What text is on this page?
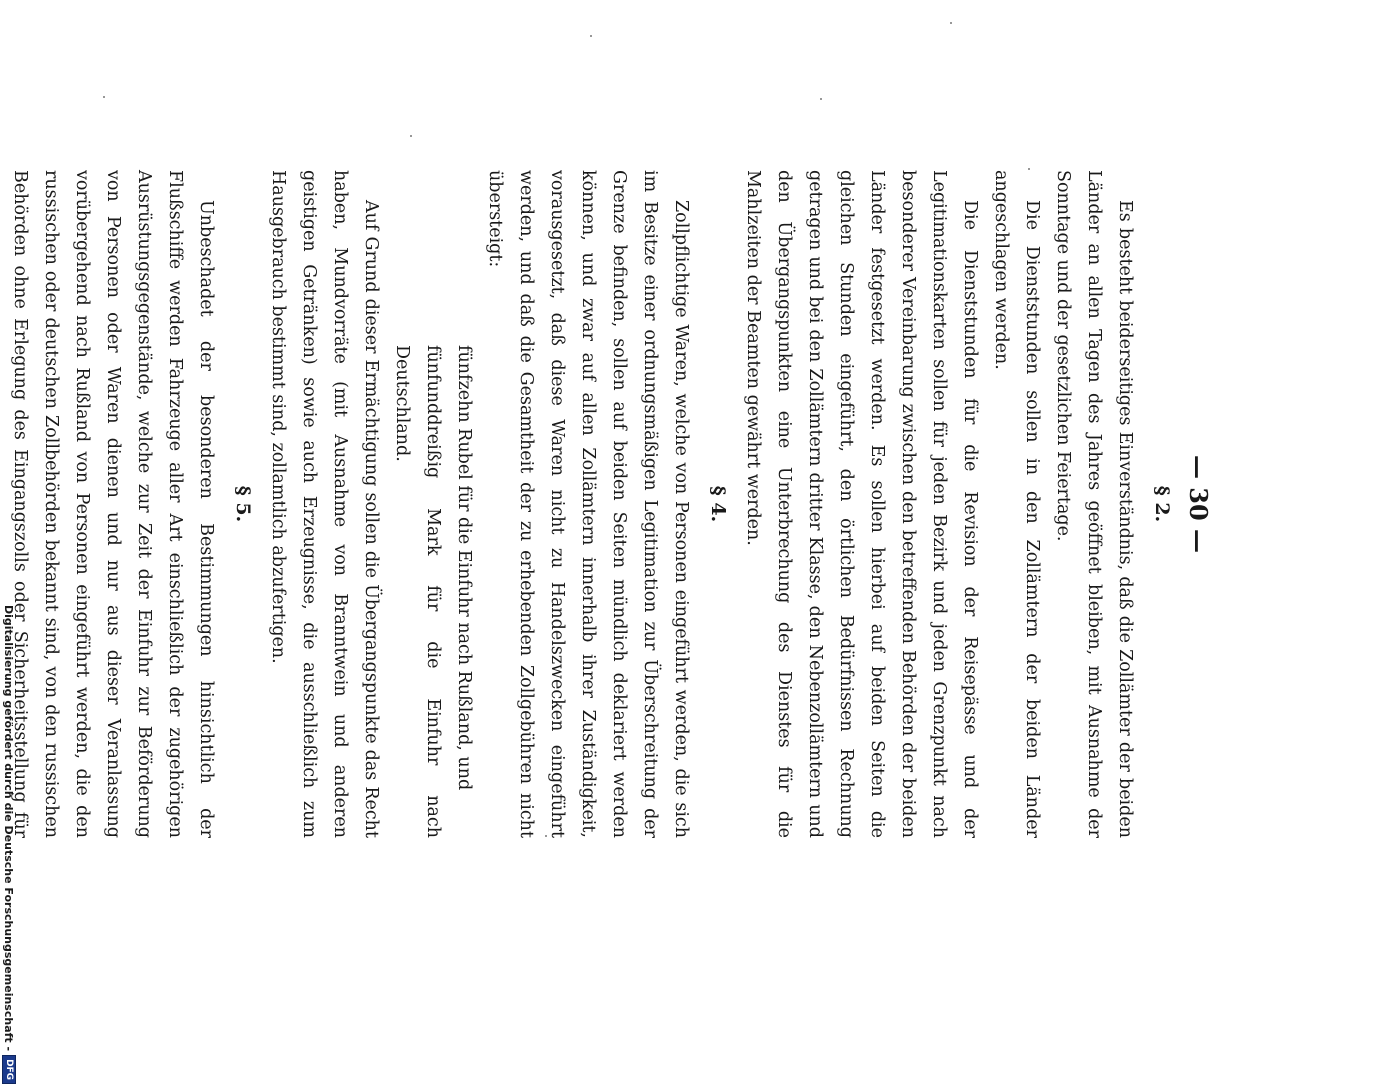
— 30 —
§ 2.

Es besteht beiderseitiges Einverständnis, daß die Zollämter der beiden Länder an allen Tagen des Jahres geöffnet bleiben, mit Ausnahme der Sonntage und der gesetzlichen Feiertage.

Die Dienststunden sollen in den Zollämtern der beiden Länder angeschlagen werden.

Die Dienststunden für die Revision der Reisepässe und der Legitimationskarten sollen für jeden Bezirk und jeden Grenzpunkt nach besonderer Vereinbarung zwischen den betreffenden Behörden der beiden Länder festgesetzt werden. Es sollen hierbei auf beiden Seiten die gleichen Stunden eingeführt, den örtlichen Bedürfnissen Rechnung getragen und bei den Zollämtern dritter Klasse, den Nebenzollämtern und den Übergangspunkten eine Unterbrechung des Dienstes für die Mahlzeiten der Beamten gewährt werden.

§ 4.

Zollpflichtige Waren, welche von Personen eingeführt werden, die sich im Besitze einer ordnungsmäßigen Legitimation zur Überschreitung der Grenze befinden, sollen auf beiden Seiten mündlich deklariert werden können, und zwar auf allen Zollämtern innerhalb ihrer Zuständigkeit, vorausgesetzt, daß diese Waren nicht zu Handelszwecken eingeführt werden, und daß die Gesamtheit der zu erhebenden Zollgebühren nicht übersteigt:

fünfzehn Rubel für die Einfuhr nach Rußland, und

fünfunddreißig Mark für die Einfuhr nach Deutschland.

Auf Grund dieser Ermächtigung sollen die Übergangspunkte das Recht haben, Mundvorräte (mit Ausnahme von Branntwein und anderen geistigen Getränken) sowie auch Erzeugnisse, die ausschließlich zum Hausgebrauch bestimmt sind, zollamtlich abzufertigen.

§ 5.

Unbeschadet der besonderen Bestimmungen hinsichtlich der Flußschiffe werden Fahrzeuge aller Art einschließlich der zugehörigen Ausrüstungsgegenstände, welche zur Zeit der Einfuhr zur Beförderung von Personen oder Waren dienen und nur aus dieser Veranlassung vorübergehend nach Rußland von Personen eingeführt werden, die den russischen oder deutschen Zollbehörden bekannt sind, von den russischen Behörden ohne Erlegung des Eingangszolls oder Sicherheitsstellung für

Digitalisierung gefördert durch die Deutsche Forschungsgemeinschaft -
DFG
